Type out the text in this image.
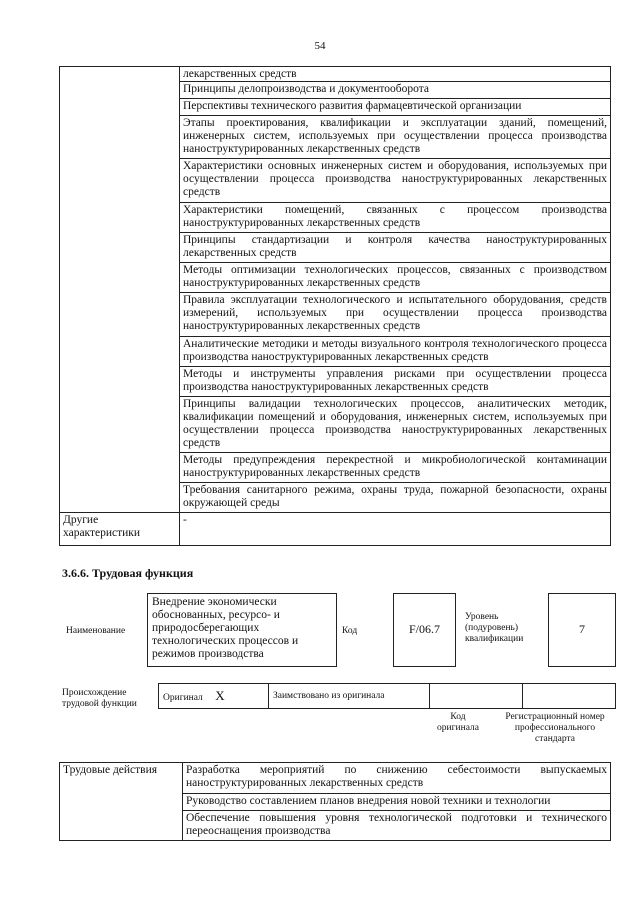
54
	лекарственных средств
	Принципы делопроизводства и документооборота
	Перспективы технического развития фармацевтической организации
	Этапы проектирования, квалификации и эксплуатации зданий, помещений, инженерных систем, используемых при осуществлении процесса производства наноструктурированных лекарственных средств
	Характеристики основных инженерных систем и оборудования, используемых при осуществлении процесса производства наноструктурированных лекарственных средств
	Характеристики помещений, связанных с процессом производства наноструктурированных лекарственных средств
	Принципы стандартизации и контроля качества наноструктурированных лекарственных средств
	Методы оптимизации технологических процессов, связанных с производством наноструктурированных лекарственных средств
	Правила эксплуатации технологического и испытательного оборудования, средств измерений, используемых при осуществлении процесса производства наноструктурированных лекарственных средств
	Аналитические методики и методы визуального контроля технологического процесса производства наноструктурированных лекарственных средств
	Методы и инструменты управления рисками при осуществлении процесса производства наноструктурированных лекарственных средств
	Принципы валидации технологических процессов, аналитических методик, квалификации помещений и оборудования, инженерных систем, используемых при осуществлении процесса производства наноструктурированных лекарственных средств
	Методы предупреждения перекрестной и микробиологической контаминации наноструктурированных лекарственных средств
	Требования санитарного режима, охраны труда, пожарной безопасности, охраны окружающей среды
Другие характеристики	-
3.6.6. Трудовая функция
Наименование
Внедрение экономически обоснованных, ресурсо- и природосберегающих технологических процессов и режимов производства
Код	F/06.7
Уровень (подуровень) квалификации
7
Происхождение трудовой функции
Оригинал X	Заимствовано из оригинала		
Код оригинала
Регистрационный номер профессионального стандарта
Трудовые действия	Разработка мероприятий по снижению себестоимости выпускаемых наноструктурированных лекарственных средств
Руководство составлением планов внедрения новой техники и технологии
Обеспечение повышения уровня технологической подготовки и технического переоснащения производства
